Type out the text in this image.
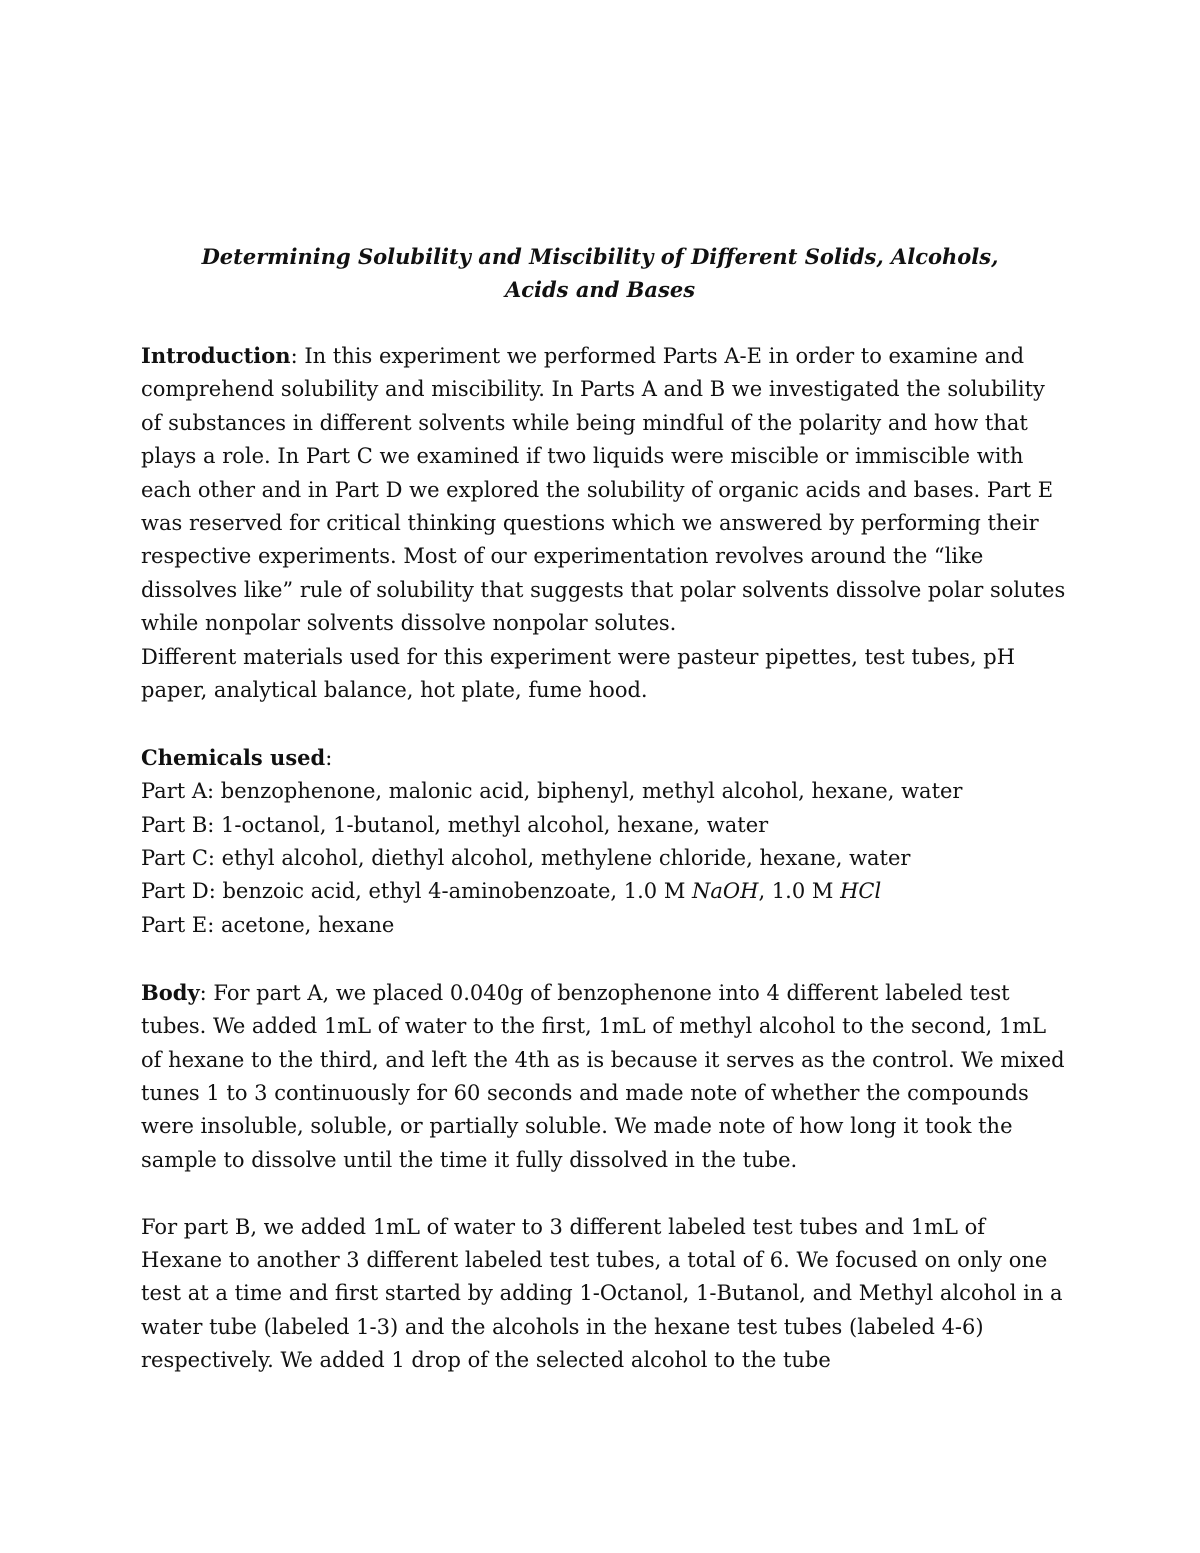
Determining Solubility and Miscibility of Different Solids, Alcohols,
Acids and Bases

Introduction: In this experiment we performed Parts A-E in order to examine and comprehend solubility and miscibility. In Parts A and B we investigated the solubility of substances in different solvents while being mindful of the polarity and how that plays a role. In Part C we examined if two liquids were miscible or immiscible with each other and in Part D we explored the solubility of organic acids and bases. Part E was reserved for critical thinking questions which we answered by performing their respective experiments. Most of our experimentation revolves around the “like dissolves like” rule of solubility that suggests that polar solvents dissolve polar solutes while nonpolar solvents dissolve nonpolar solutes.

Different materials used for this experiment were pasteur pipettes, test tubes, pH paper, analytical balance, hot plate, fume hood.

Chemicals used:

Part A: benzophenone, malonic acid, biphenyl, methyl alcohol, hexane, water

Part B: 1-octanol, 1-butanol, methyl alcohol, hexane, water

Part C: ethyl alcohol, diethyl alcohol, methylene chloride, hexane, water

Part D: benzoic acid, ethyl 4-aminobenzoate, 1.0 M NaOH, 1.0 M HCl

Part E: acetone, hexane

Body: For part A, we placed 0.040g of benzophenone into 4 different labeled test tubes. We added 1mL of water to the first, 1mL of methyl alcohol to the second, 1mL of hexane to the third, and left the 4th as is because it serves as the control. We mixed tunes 1 to 3 continuously for 60 seconds and made note of whether the compounds were insoluble, soluble, or partially soluble. We made note of how long it took the sample to dissolve until the time it fully dissolved in the tube.

For part B, we added 1mL of water to 3 different labeled test tubes and 1mL of Hexane to another 3 different labeled test tubes, a total of 6. We focused on only one test at a time and first started by adding 1-Octanol, 1-Butanol, and Methyl alcohol in a water tube (labeled 1-3) and the alcohols in the hexane test tubes (labeled 4-6) respectively. We added 1 drop of the selected alcohol to the tube
